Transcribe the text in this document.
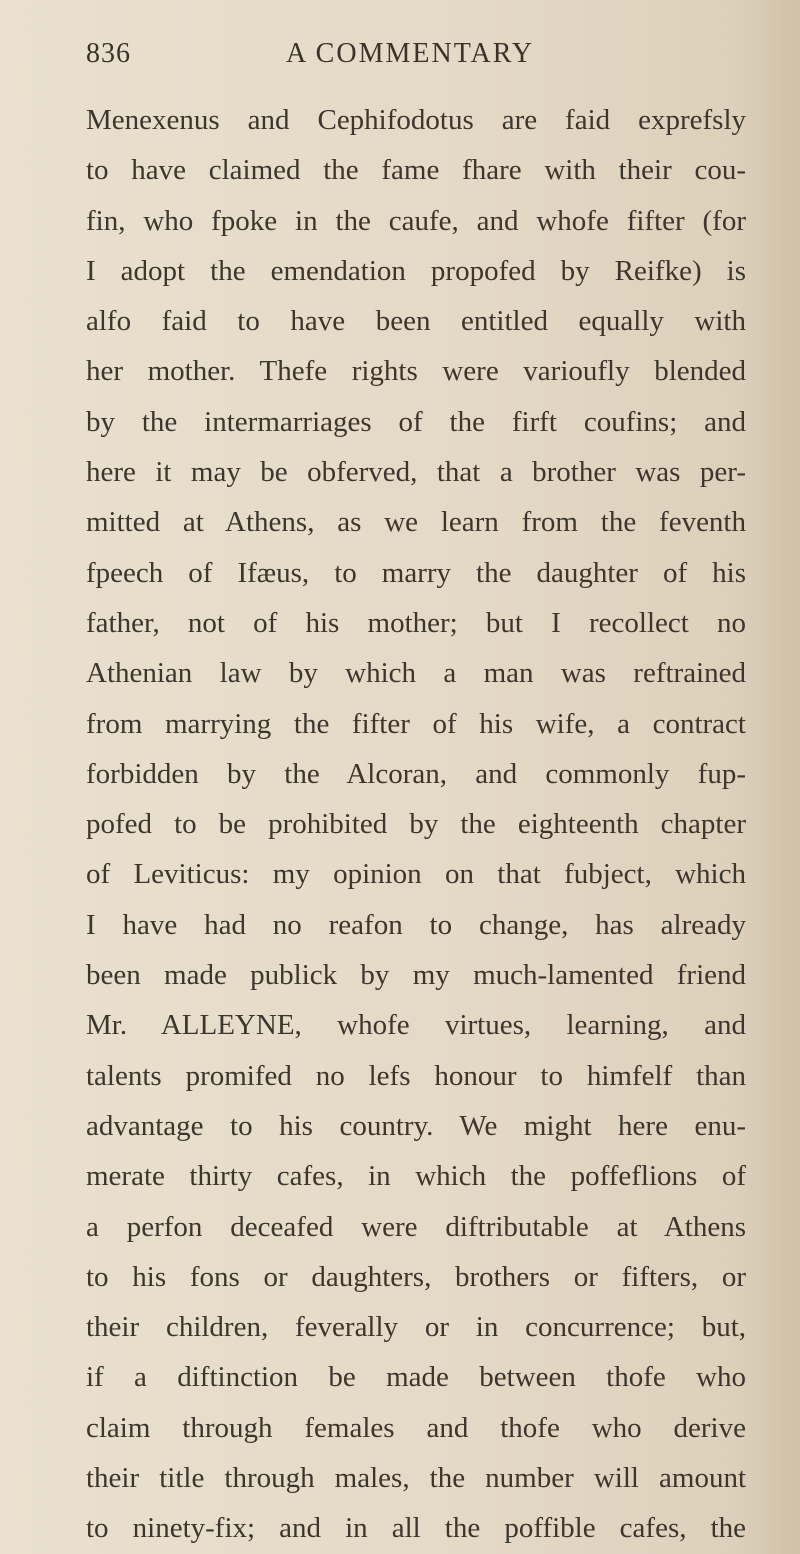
836	A COMMENTARY
Menexenus and Cephifodotus are faid exprefsly
to have claimed the fame fhare with their cou-
fin, who fpoke in the caufe, and whofe fifter (for
I adopt the emendation propofed by Reifke) is
alfo faid to have been entitled equally with
her mother. Thefe rights were varioufly blended
by the intermarriages of the firft coufins; and
here it may be obferved, that a brother was per-
mitted at Athens, as we learn from the feventh
fpeech of Ifæus, to marry the daughter of his
father, not of his mother; but I recollect no
Athenian law by which a man was reftrained
from marrying the fifter of his wife, a contract
forbidden by the Alcoran, and commonly fup-
pofed to be prohibited by the eighteenth chapter
of Leviticus: my opinion on that fubject, which
I have had no reafon to change, has already
been made publick by my much-lamented friend
Mr. ALLEYNE, whofe virtues, learning, and
talents promifed no lefs honour to himfelf than
advantage to his country. We might here enu-
merate thirty cafes, in which the poffeflions of
a perfon deceafed were diftributable at Athens
to his fons or daughters, brothers or fifters, or
their children, feverally or in concurrence; but,
if a diftinction be made between thofe who
claim through females and thofe who derive
their title through males, the number will amount
to ninety-fix; and in all the poffible cafes, the
